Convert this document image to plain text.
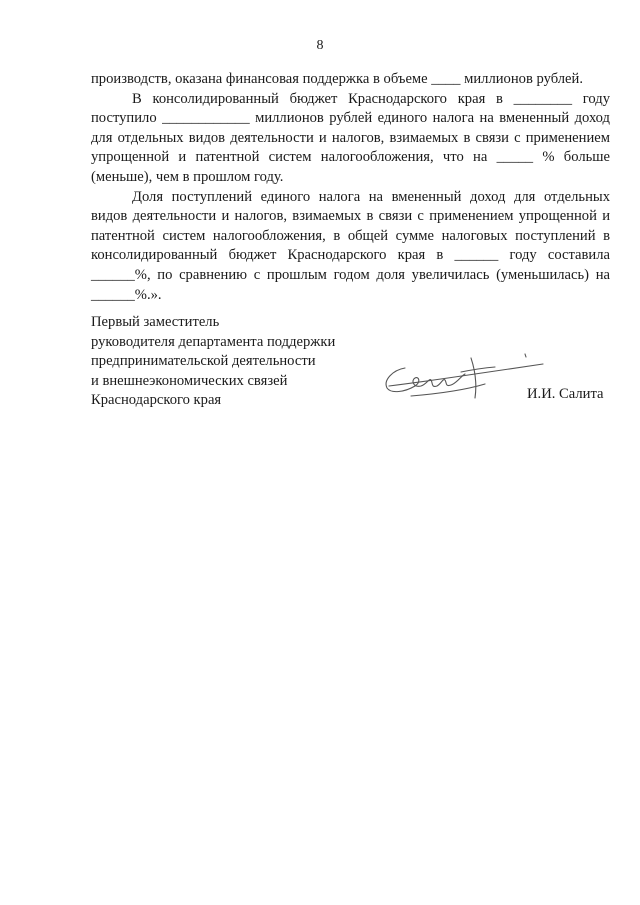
8

производств, оказана финансовая поддержка в объеме ____ миллионов рублей.

В консолидированный бюджет Краснодарского края в ________ году поступило ____________ миллионов рублей единого налога на вмененный доход для отдельных видов деятельности и налогов, взимаемых в связи с применением упрощенной и патентной систем налогообложения, что на _____ % больше (меньше), чем в прошлом году.

Доля поступлений единого налога на вмененный доход для отдельных видов деятельности и налогов, взимаемых в связи с применением упрощенной и патентной систем налогообложения, в общей сумме налоговых поступлений в консолидированный бюджет Краснодарского края в ______ году составила ______%, по сравнению с прошлым годом доля увеличилась (уменьшилась) на ______%.».

Первый заместитель
руководителя департамента поддержки
предпринимательской деятельности
и внешнеэкономических связей
Краснодарского края	И.И. Салита
